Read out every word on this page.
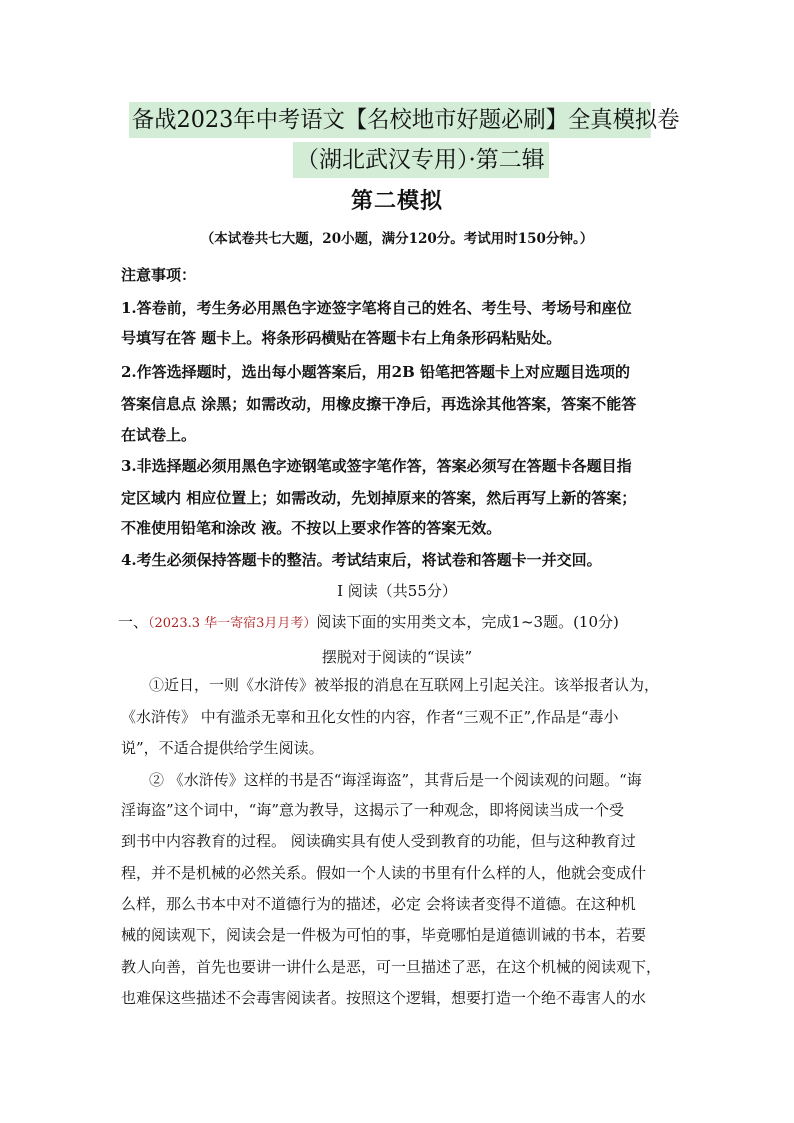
备战2023年中考语文【名校地市好题必刷】全真模拟卷
（湖北武汉专用）·第二辑
第二模拟
（本试卷共七大题，20小题，满分120分。考试用时150分钟。）
注意事项：
1.答卷前，考生务必用黑色字迹签字笔将自己的姓名、考生号、考场号和座位
号填写在答 题卡上。将条形码横贴在答题卡右上角条形码粘贴处。
2.作答选择题时，选出每小题答案后，用2B 铅笔把答题卡上对应题目选项的
答案信息点 涂黑；如需改动，用橡皮擦干净后，再选涂其他答案，答案不能答
在试卷上。
3.非选择题必须用黑色字迹钢笔或签字笔作答，答案必须写在答题卡各题目指
定区域内 相应位置上；如需改动，先划掉原来的答案，然后再写上新的答案；
不准使用铅笔和涂改 液。不按以上要求作答的答案无效。
4.考生必须保持答题卡的整洁。考试结束后，将试卷和答题卡一并交回。
Ⅰ 阅读（共55分）
一、（2023.3 华一寄宿3月月考）阅读下面的实用类文本，完成1~3题。(10分)
摆脱对于阅读的“误读”
①近日，一则《水浒传》被举报的消息在互联网上引起关注。该举报者认为，
《水浒传》 中有滥杀无辜和丑化女性的内容，作者“三观不正”,作品是“毒小
说”，不适合提供给学生阅读。
② 《水浒传》这样的书是否“诲淫诲盗”，其背后是一个阅读观的问题。“诲
淫诲盗”这个词中，“诲”意为教导，这揭示了一种观念，即将阅读当成一个受
到书中内容教育的过程。 阅读确实具有使人受到教育的功能，但与这种教育过
程，并不是机械的必然关系。假如一个人读的书里有什么样的人，他就会变成什
么样，那么书本中对不道德行为的描述，必定 会将读者变得不道德。在这种机
械的阅读观下，阅读会是一件极为可怕的事，毕竟哪怕是道德训诫的书本，若要
教人向善，首先也要讲一讲什么是恶，可一旦描述了恶，在这个机械的阅读观下，
也难保这些描述不会毒害阅读者。按照这个逻辑，想要打造一个绝不毒害人的水
